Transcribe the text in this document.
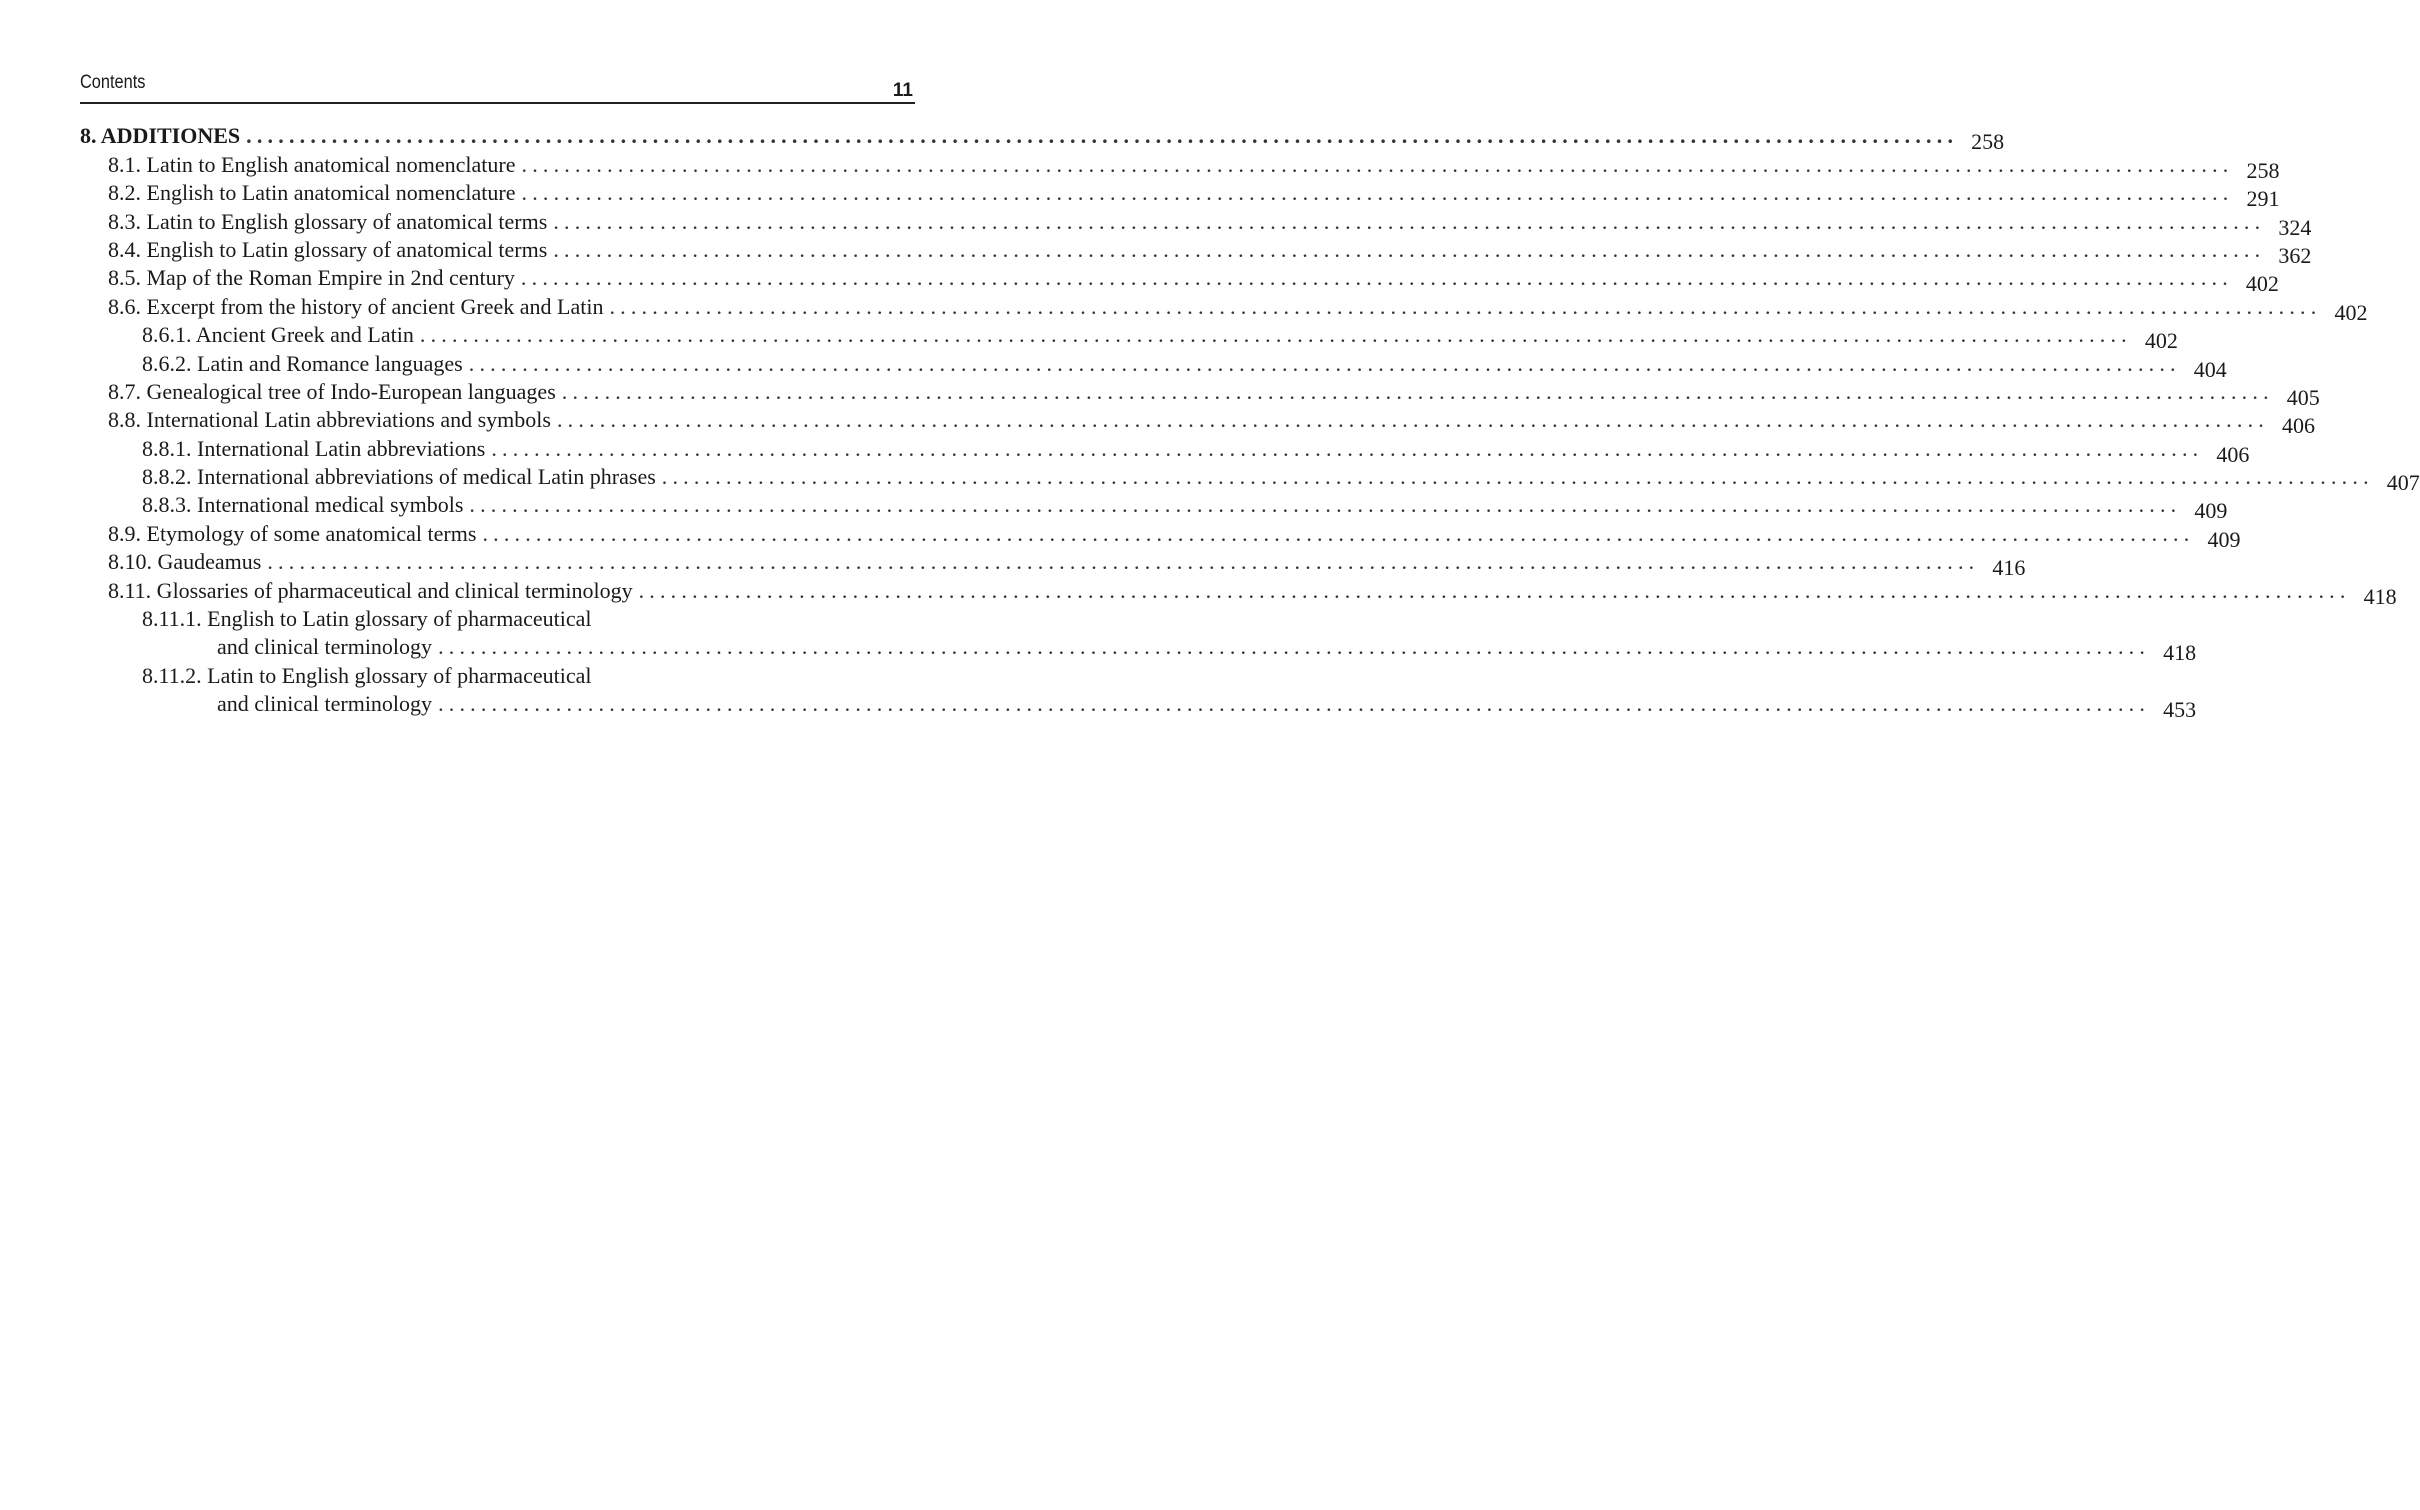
Contents	11
8. ADDITIONES ................................................................................................................................................................ 258
8.1. Latin to English anatomical nomenclature ................................................................................................................................................................ 258
8.2. English to Latin anatomical nomenclature ................................................................................................................................................................ 291
8.3. Latin to English glossary of anatomical terms ................................................................................................................................................................ 324
8.4. English to Latin glossary of anatomical terms ................................................................................................................................................................ 362
8.5. Map of the Roman Empire in 2nd century ................................................................................................................................................................ 402
8.6. Excerpt from the history of ancient Greek and Latin ................................................................................................................................................................ 402
8.6.1. Ancient Greek and Latin ................................................................................................................................................................ 402
8.6.2. Latin and Romance languages ................................................................................................................................................................ 404
8.7. Genealogical tree of Indo-European languages ................................................................................................................................................................ 405
8.8. International Latin abbreviations and symbols ................................................................................................................................................................ 406
8.8.1. International Latin abbreviations ................................................................................................................................................................ 406
8.8.2. International abbreviations of medical Latin phrases ................................................................................................................................................................ 407
8.8.3. International medical symbols ................................................................................................................................................................ 409
8.9. Etymology of some anatomical terms ................................................................................................................................................................ 409
8.10. Gaudeamus ................................................................................................................................................................ 416
8.11. Glossaries of pharmaceutical and clinical terminology ................................................................................................................................................................ 418
8.11.1. English to Latin glossary of pharmaceutical
and clinical terminology ................................................................................................................................................................ 418
8.11.2. Latin to English glossary of pharmaceutical
and clinical terminology ................................................................................................................................................................ 453
